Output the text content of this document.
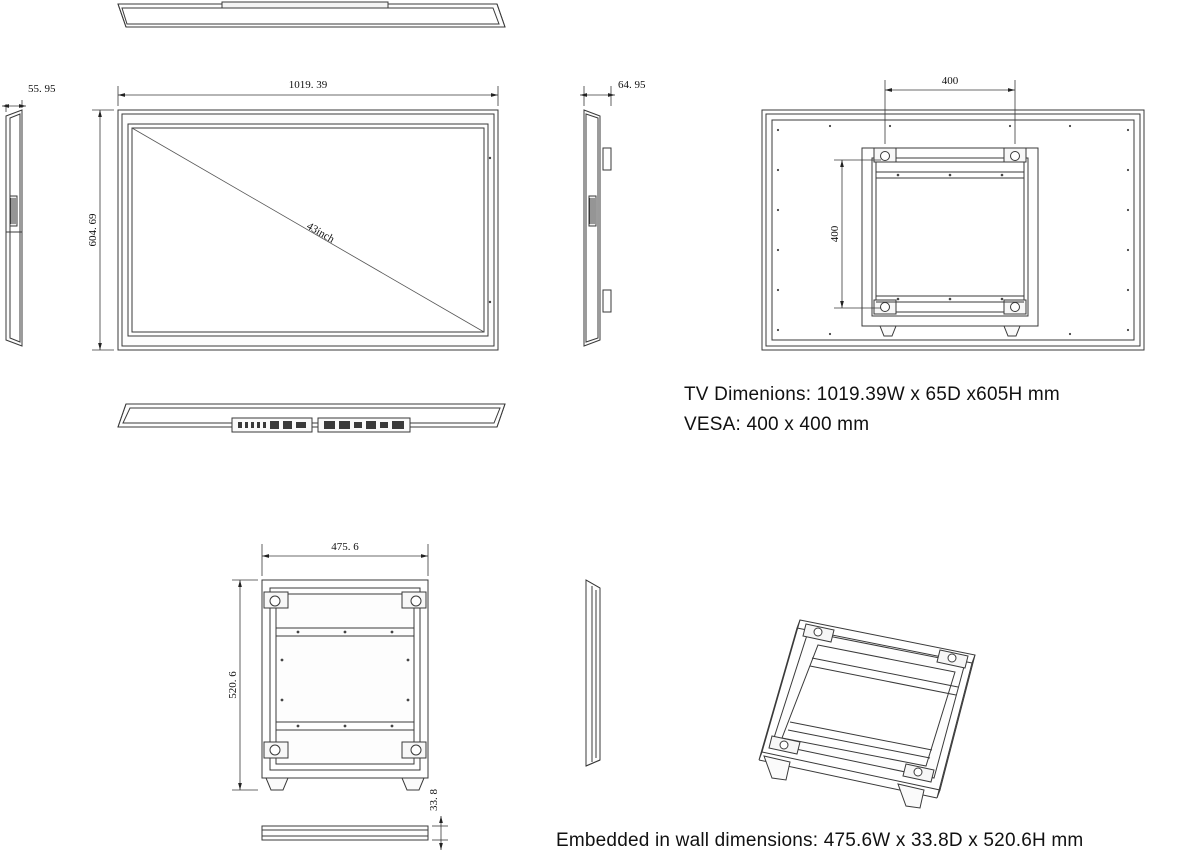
55. 95
43inch
1019. 39
604. 69
64. 95	400
400
475. 6
520. 6
33. 8
TV Dimenions: 1019.39W x 65D x605H mm
VESA: 400 x 400 mm
Embedded in wall dimensions: 475.6W x 33.8D x 520.6H mm
